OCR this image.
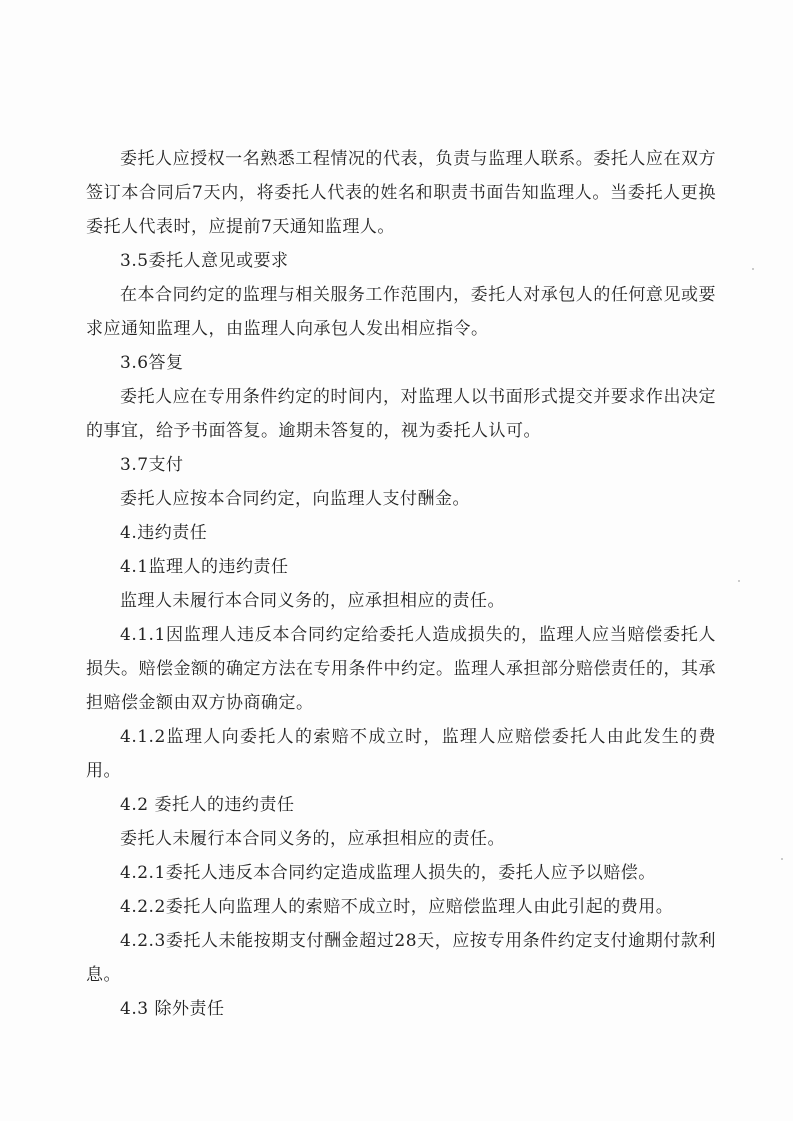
委托人应授权一名熟悉工程情况的代表，负责与监理人联系。委托人应在双方签订本合同后7天内，将委托人代表的姓名和职责书面告知监理人。当委托人更换委托人代表时，应提前7天通知监理人。

3.5委托人意见或要求

在本合同约定的监理与相关服务工作范围内，委托人对承包人的任何意见或要求应通知监理人，由监理人向承包人发出相应指令。

3.6答复

委托人应在专用条件约定的时间内，对监理人以书面形式提交并要求作出决定的事宜，给予书面答复。逾期未答复的，视为委托人认可。

3.7支付

委托人应按本合同约定，向监理人支付酬金。

4.违约责任

4.1监理人的违约责任

监理人未履行本合同义务的，应承担相应的责任。

4.1.1因监理人违反本合同约定给委托人造成损失的，监理人应当赔偿委托人损失。赔偿金额的确定方法在专用条件中约定。监理人承担部分赔偿责任的，其承担赔偿金额由双方协商确定。

4.1.2监理人向委托人的索赔不成立时，监理人应赔偿委托人由此发生的费用。

4.2 委托人的违约责任

委托人未履行本合同义务的，应承担相应的责任。

4.2.1委托人违反本合同约定造成监理人损失的，委托人应予以赔偿。

4.2.2委托人向监理人的索赔不成立时，应赔偿监理人由此引起的费用。

4.2.3委托人未能按期支付酬金超过28天，应按专用条件约定支付逾期付款利息。

4.3 除外责任
